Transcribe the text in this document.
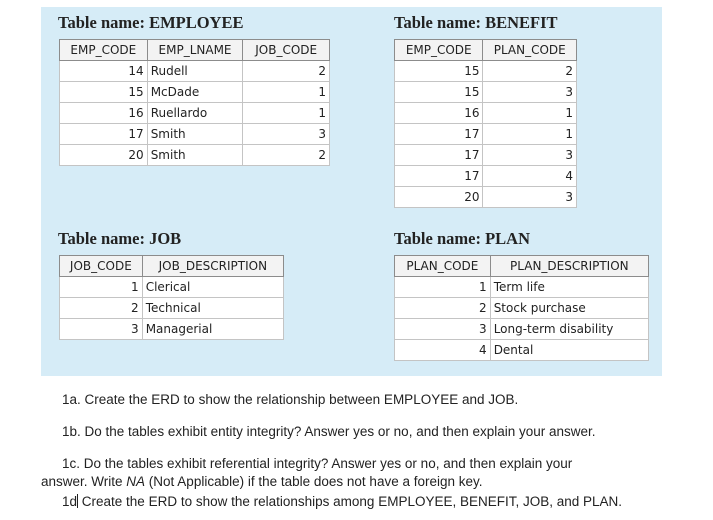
Table name: EMPLOYEE
EMP_CODE	EMP_LNAME	JOB_CODE
14	Rudell	2
15	McDade	1
16	Ruellardo	1
17	Smith	3
20	Smith	2
Table name: BENEFIT
EMP_CODE	PLAN_CODE
15	2
15	3
16	1
17	1
17	3
17	4
20	3
Table name: JOB
JOB_CODE	JOB_DESCRIPTION
1	Clerical
2	Technical
3	Managerial
Table name: PLAN
PLAN_CODE	PLAN_DESCRIPTION
1	Term life
2	Stock purchase
3	Long-term disability
4	Dental
1a. Create the ERD to show the relationship between EMPLOYEE and JOB.
1b. Do the tables exhibit entity integrity? Answer yes or no, and then explain your answer.
1c. Do the tables exhibit referential integrity? Answer yes or no, and then explain your
answer. Write NA (Not Applicable) if the table does not have a foreign key.
1d Create the ERD to show the relationships among EMPLOYEE, BENEFIT, JOB, and PLAN.
